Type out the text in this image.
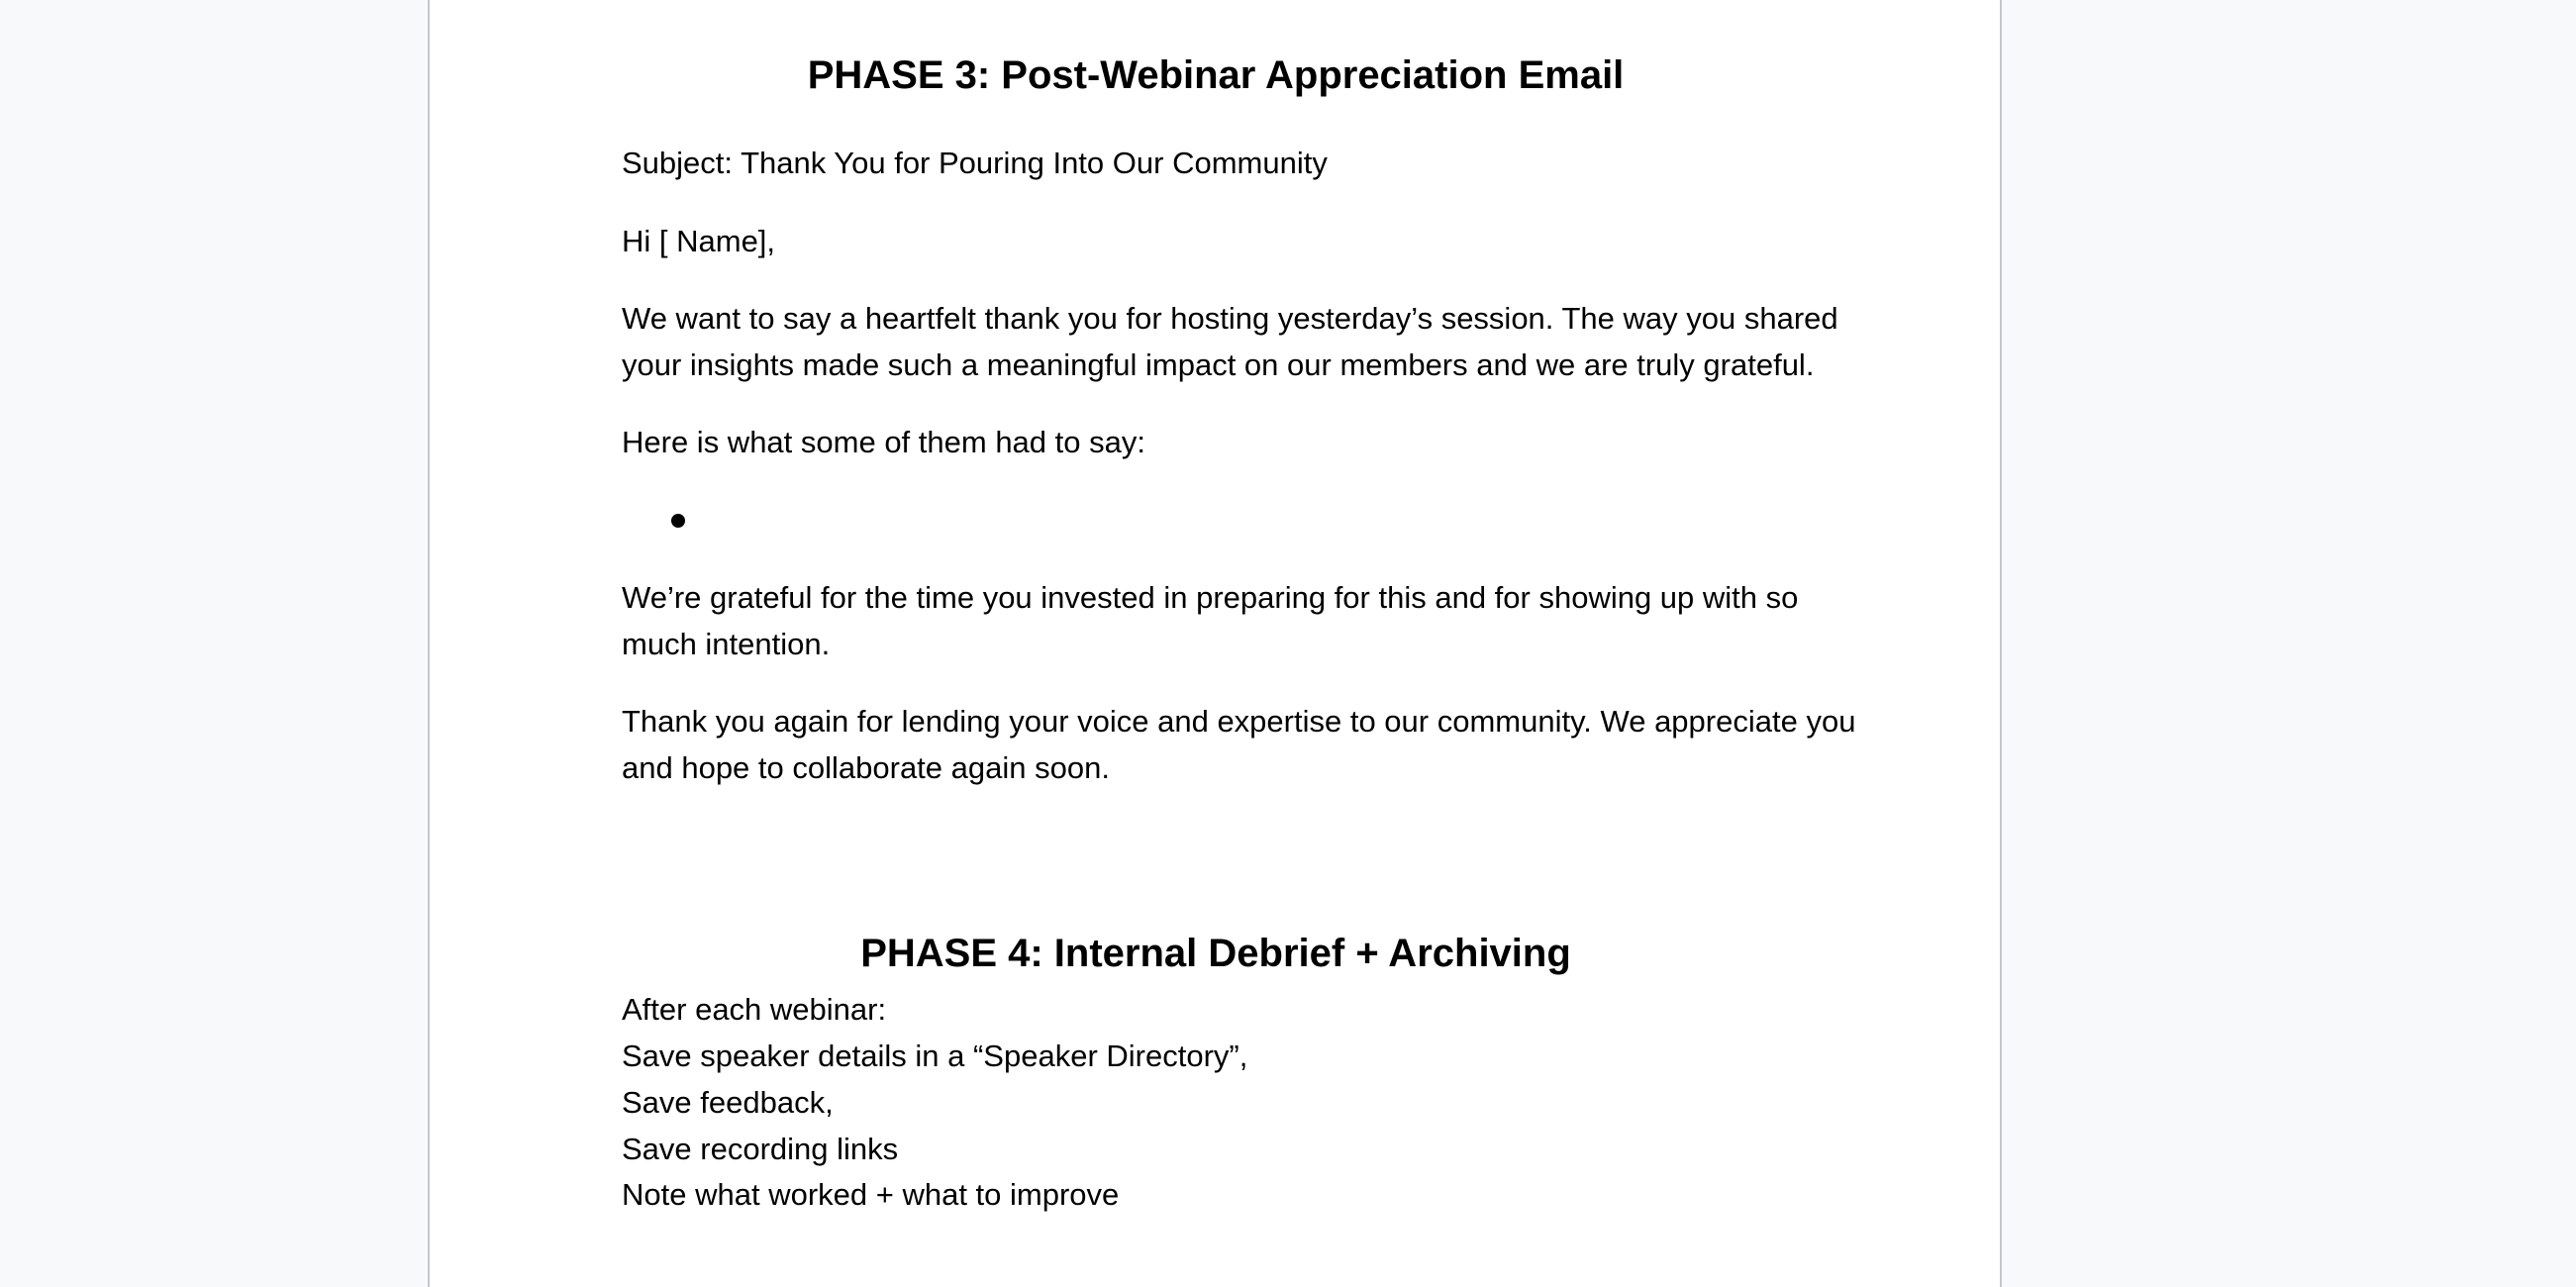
PHASE 3: Post-Webinar Appreciation Email
Subject: Thank You for Pouring Into Our Community
Hi [ Name],
We want to say a heartfelt thank you for hosting yesterday’s session. The way you shared
your insights made such a meaningful impact on our members and we are truly grateful.
Here is what some of them had to say:
We’re grateful for the time you invested in preparing for this and for showing up with so
much intention.
Thank you again for lending your voice and expertise to our community. We appreciate you
and hope to collaborate again soon.
PHASE 4: Internal Debrief + Archiving
After each webinar:
Save speaker details in a “Speaker Directory”,
Save feedback,
Save recording links
Note what worked + what to improve
